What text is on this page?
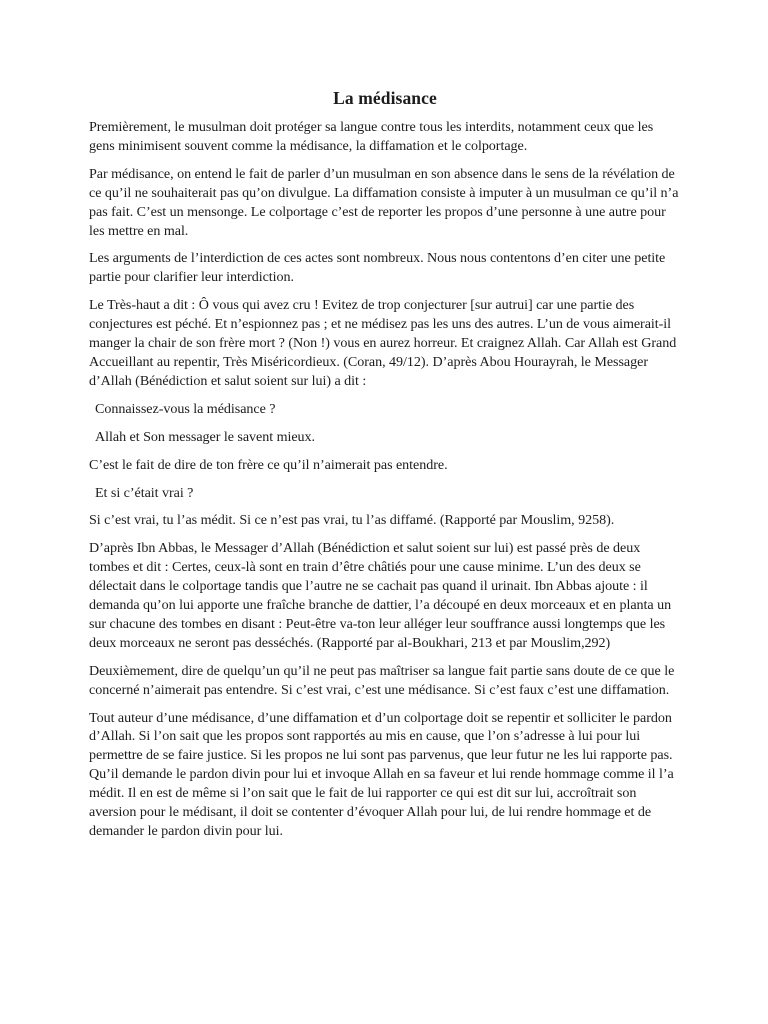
La médisance

Premièrement, le musulman doit protéger sa langue contre tous les interdits, notamment ceux que les gens minimisent souvent comme la médisance, la diffamation et le colportage.

Par médisance, on entend le fait de parler d’un musulman en son absence dans le sens de la révélation de ce qu’il ne souhaiterait pas qu’on divulgue. La diffamation consiste à imputer à un musulman ce qu’il n’a pas fait. C’est un mensonge. Le colportage c’est de reporter les propos d’une personne à une autre pour les mettre en mal.

Les arguments de l’interdiction de ces actes sont nombreux. Nous nous contentons d’en citer une petite partie pour clarifier leur interdiction.

Le Très-haut a dit : Ô vous qui avez cru ! Evitez de trop conjecturer [sur autrui] car une partie des conjectures est péché. Et n’espionnez pas ; et ne médisez pas les uns des autres. L’un de vous aimerait-il manger la chair de son frère mort ? (Non !) vous en aurez horreur. Et craignez Allah. Car Allah est Grand Accueillant au repentir, Très Miséricordieux. (Coran, 49/12). D’après Abou Hourayrah, le Messager d’Allah (Bénédiction et salut soient sur lui) a dit :

Connaissez-vous la médisance ?

Allah et Son messager le savent mieux.

C’est le fait de dire de ton frère ce qu’il n’aimerait pas entendre.

Et si c’était vrai ?

Si c’est vrai, tu l’as médit. Si ce n’est pas vrai, tu l’as diffamé. (Rapporté par Mouslim, 9258).

D’après Ibn Abbas, le Messager d’Allah (Bénédiction et salut soient sur lui) est passé près de deux tombes et dit : Certes, ceux-là sont en train d’être châtiés pour une cause minime. L’un des deux se délectait dans le colportage tandis que l’autre ne se cachait pas quand il urinait. Ibn Abbas ajoute : il demanda qu’on lui apporte une fraîche branche de dattier, l’a découpé en deux morceaux et en planta un sur chacune des tombes en disant : Peut-être va-ton leur alléger leur souffrance aussi longtemps que les deux morceaux ne seront pas desséchés. (Rapporté par al-Boukhari, 213 et par Mouslim,292)

Deuxièmement, dire de quelqu’un qu’il ne peut pas maîtriser sa langue fait partie sans doute de ce que le concerné n’aimerait pas entendre. Si c’est vrai, c’est une médisance. Si c’est faux c’est une diffamation.

Tout auteur d’une médisance, d’une diffamation et d’un colportage doit se repentir et solliciter le pardon d’Allah. Si l’on sait que les propos sont rapportés au mis en cause, que l’on s’adresse à lui pour lui permettre de se faire justice. Si les propos ne lui sont pas parvenus, que leur futur ne les lui rapporte pas. Qu’il demande le pardon divin pour lui et invoque Allah en sa faveur et lui rende hommage comme il l’a médit. Il en est de même si l’on sait que le fait de lui rapporter ce qui est dit sur lui, accroîtrait son aversion pour le médisant, il doit se contenter d’évoquer Allah pour lui, de lui rendre hommage et de demander le pardon divin pour lui.
